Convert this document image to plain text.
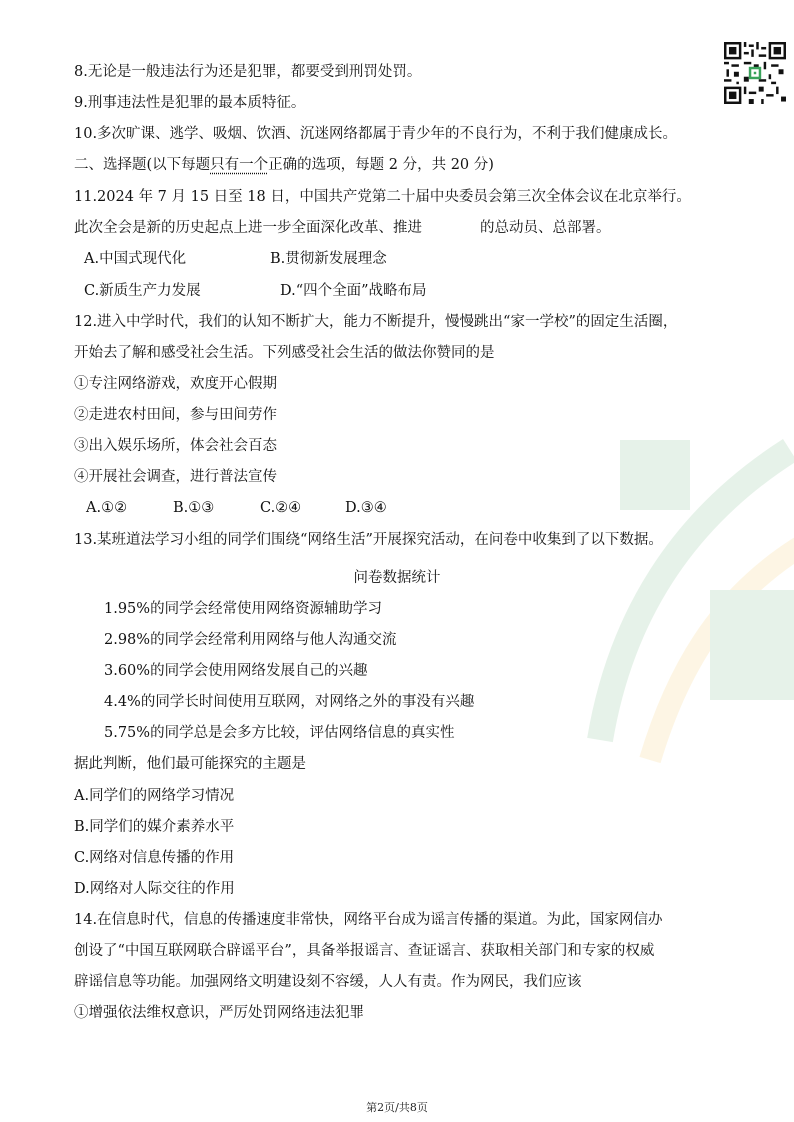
8.无论是一般违法行为还是犯罪，都要受到刑罚处罚。
9.刑事违法性是犯罪的最本质特征。
10.多次旷课、逃学、吸烟、饮酒、沉迷网络都属于青少年的不良行为，不利于我们健康成长。
二、选择题(以下每题只有一个正确的选项，每题 2 分，共 20 分)
11.2024 年 7 月 15 日至 18 日，中国共产党第二十届中央委员会第三次全体会议在北京举行。
此次全会是新的历史起点上进一步全面深化改革、推进　　　　的总动员、总部署。
A.中国式现代化	B.贯彻新发展理念
C.新质生产力发展	D.“四个全面”战略布局
12.进入中学时代，我们的认知不断扩大，能力不断提升，慢慢跳出“家一学校”的固定生活圈，
开始去了解和感受社会生活。下列感受社会生活的做法你赞同的是
①专注网络游戏，欢度开心假期
②走进农村田间，参与田间劳作
③出入娱乐场所，体会社会百态
④开展社会调查，进行普法宣传
A.①②	B.①③	C.②④	D.③④
13.某班道法学习小组的同学们围绕“网络生活”开展探究活动，在问卷中收集到了以下数据。
问卷数据统计
1.95%的同学会经常使用网络资源辅助学习
2.98%的同学会经常利用网络与他人沟通交流
3.60%的同学会使用网络发展自己的兴趣
4.4%的同学长时间使用互联网，对网络之外的事没有兴趣
5.75%的同学总是会多方比较，评估网络信息的真实性
据此判断，他们最可能探究的主题是
A.同学们的网络学习情况
B.同学们的媒介素养水平
C.网络对信息传播的作用
D.网络对人际交往的作用
14.在信息时代，信息的传播速度非常快，网络平台成为谣言传播的渠道。为此，国家网信办
创设了“中国互联网联合辟谣平台”，具备举报谣言、查证谣言、获取相关部门和专家的权威
辟谣信息等功能。加强网络文明建设刻不容缓，人人有责。作为网民，我们应该
①增强依法维权意识，严厉处罚网络违法犯罪
第2页/共8页
